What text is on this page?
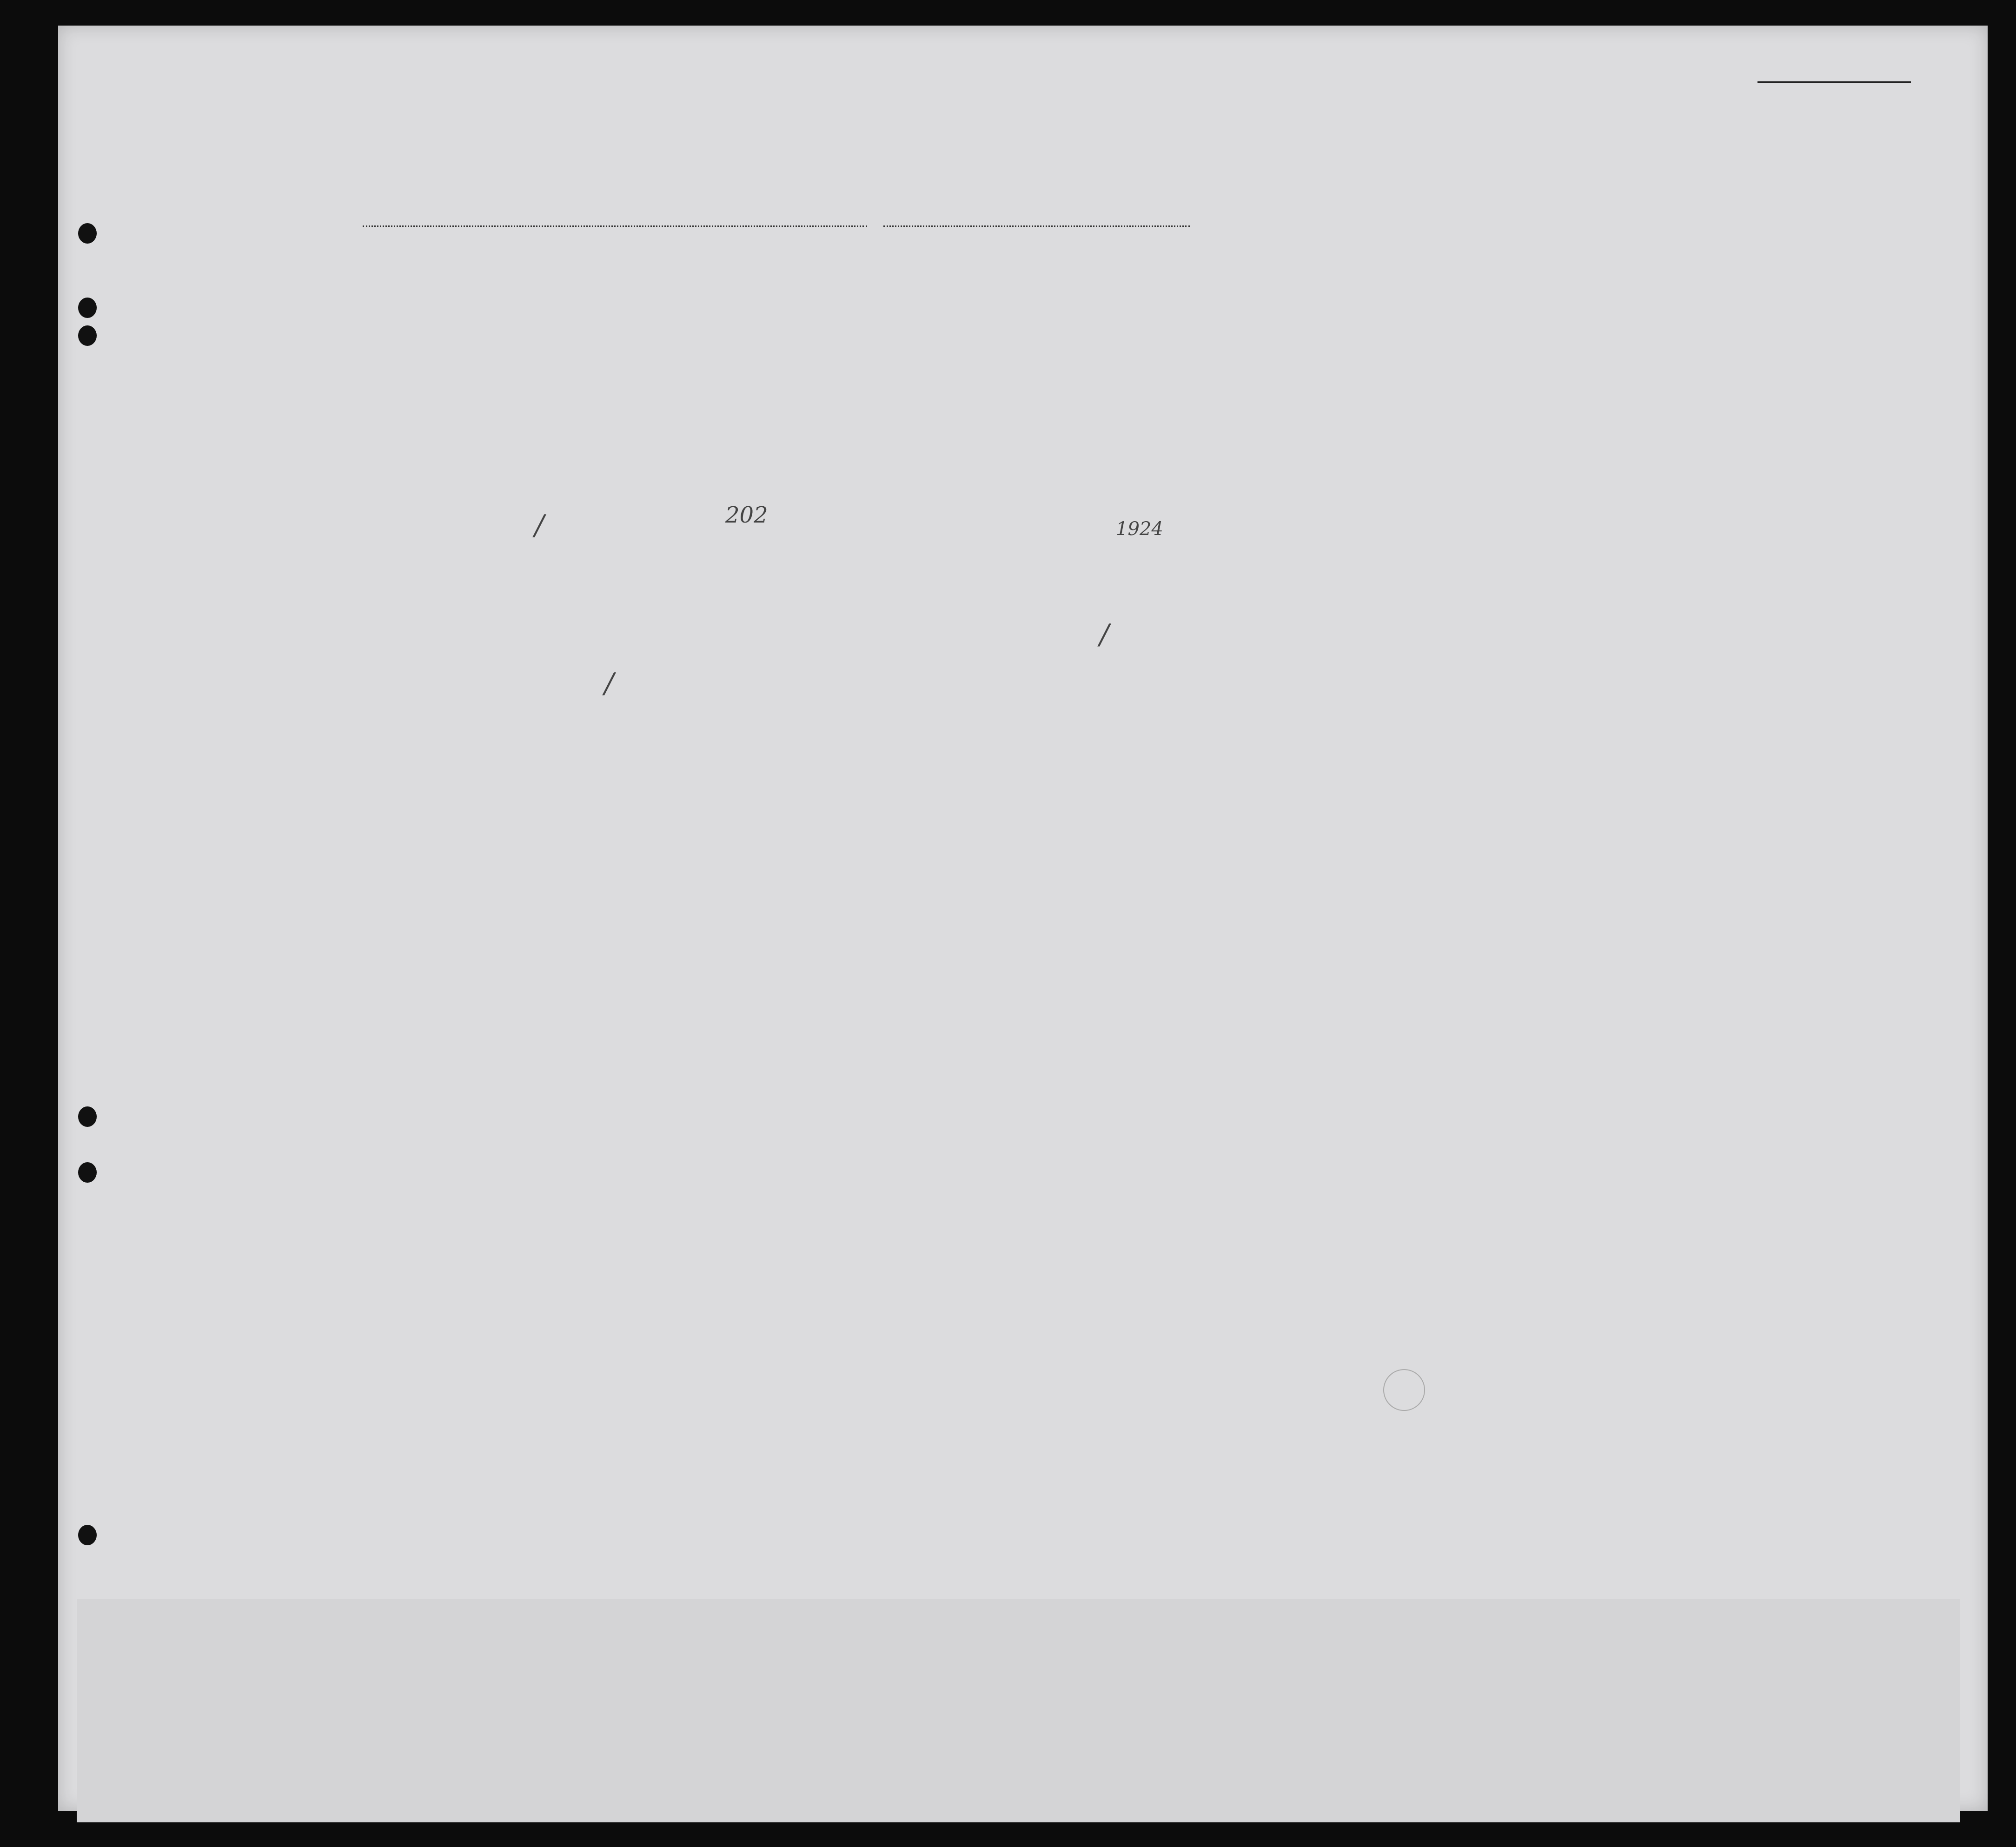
202
1924
/
/
/
